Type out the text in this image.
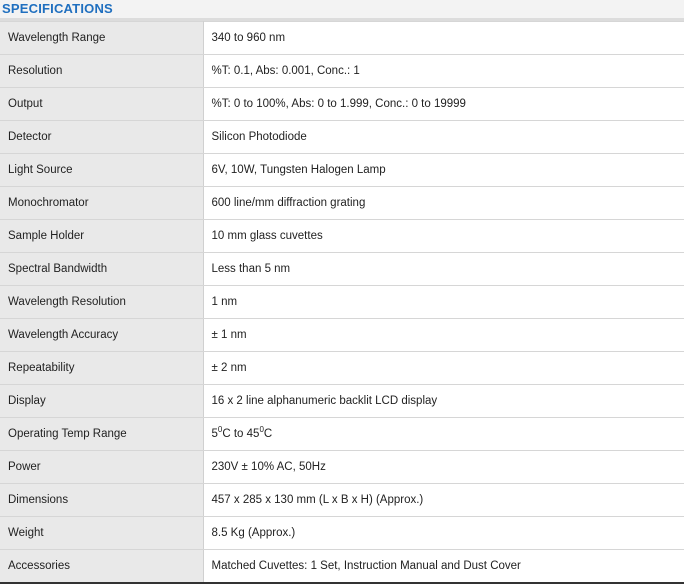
SPECIFICATIONS
Wavelength Range	340 to 960 nm
Resolution	%T: 0.1, Abs: 0.001, Conc.: 1
Output	%T: 0 to 100%, Abs: 0 to 1.999, Conc.: 0 to 19999
Detector	Silicon Photodiode
Light Source	6V, 10W, Tungsten Halogen Lamp
Monochromator	600 line/mm diffraction grating
Sample Holder	10 mm glass cuvettes
Spectral Bandwidth	Less than 5 nm
Wavelength Resolution	1 nm
Wavelength Accuracy	± 1 nm
Repeatability	± 2 nm
Display	16 x 2 line alphanumeric backlit LCD display
Operating Temp Range	$5^0C$ to $45^0C$
Power	230V ± 10% AC, 50Hz
Dimensions	457 x 285 x 130 mm (L x B x H) (Approx.)
Weight	8.5 Kg (Approx.)
Accessories	Matched Cuvettes: 1 Set, Instruction Manual and Dust Cover
